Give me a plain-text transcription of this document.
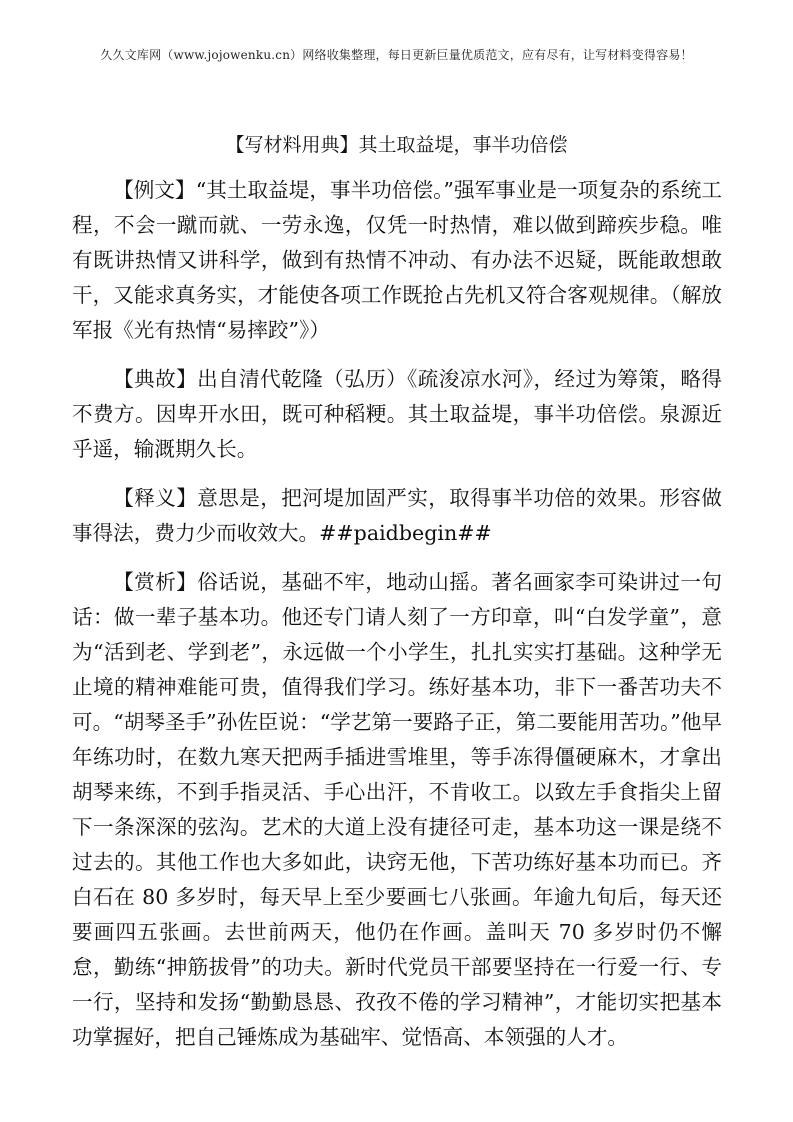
久久文库网（www.jojowenku.cn）网络收集整理，每日更新巨量优质范文，应有尽有，让写材料变得容易！
【写材料用典】其土取益堤，事半功倍偿

【例文】“其土取益堤，事半功倍偿。”强军事业是一项复杂的系统工程，不会一蹴而就、一劳永逸，仅凭一时热情，难以做到蹄疾步稳。唯有既讲热情又讲科学，做到有热情不冲动、有办法不迟疑，既能敢想敢干，又能求真务实，才能使各项工作既抢占先机又符合客观规律。（解放军报《光有热情“易摔跤”》）

【典故】出自清代乾隆（弘历）《疏浚凉水河》，经过为筹策，略得不费方。因卑开水田，既可种稻粳。其土取益堤，事半功倍偿。泉源近乎遥，输溉期久长。

【释义】意思是，把河堤加固严实，取得事半功倍的效果。形容做事得法，费力少而收效大。##paidbegin##

【赏析】俗话说，基础不牢，地动山摇。著名画家李可染讲过一句话：做一辈子基本功。他还专门请人刻了一方印章，叫“白发学童”，意为“活到老、学到老”，永远做一个小学生，扎扎实实打基础。这种学无止境的精神难能可贵，值得我们学习。练好基本功，非下一番苦功夫不可。“胡琴圣手”孙佐臣说：“学艺第一要路子正，第二要能用苦功。”他早年练功时，在数九寒天把两手插进雪堆里，等手冻得僵硬麻木，才拿出胡琴来练，不到手指灵活、手心出汗，不肯收工。以致左手食指尖上留下一条深深的弦沟。艺术的大道上没有捷径可走，基本功这一课是绕不过去的。其他工作也大多如此，诀窍无他，下苦功练好基本功而已。齐白石在 80 多岁时，每天早上至少要画七八张画。年逾九旬后，每天还要画四五张画。去世前两天，他仍在作画。盖叫天 70 多岁时仍不懈怠，勤练“抻筋拔骨”的功夫。新时代党员干部要坚持在一行爱一行、专一行，坚持和发扬“勤勤恳恳、孜孜不倦的学习精神”，才能切实把基本功掌握好，把自己锤炼成为基础牢、觉悟高、本领强的人才。
